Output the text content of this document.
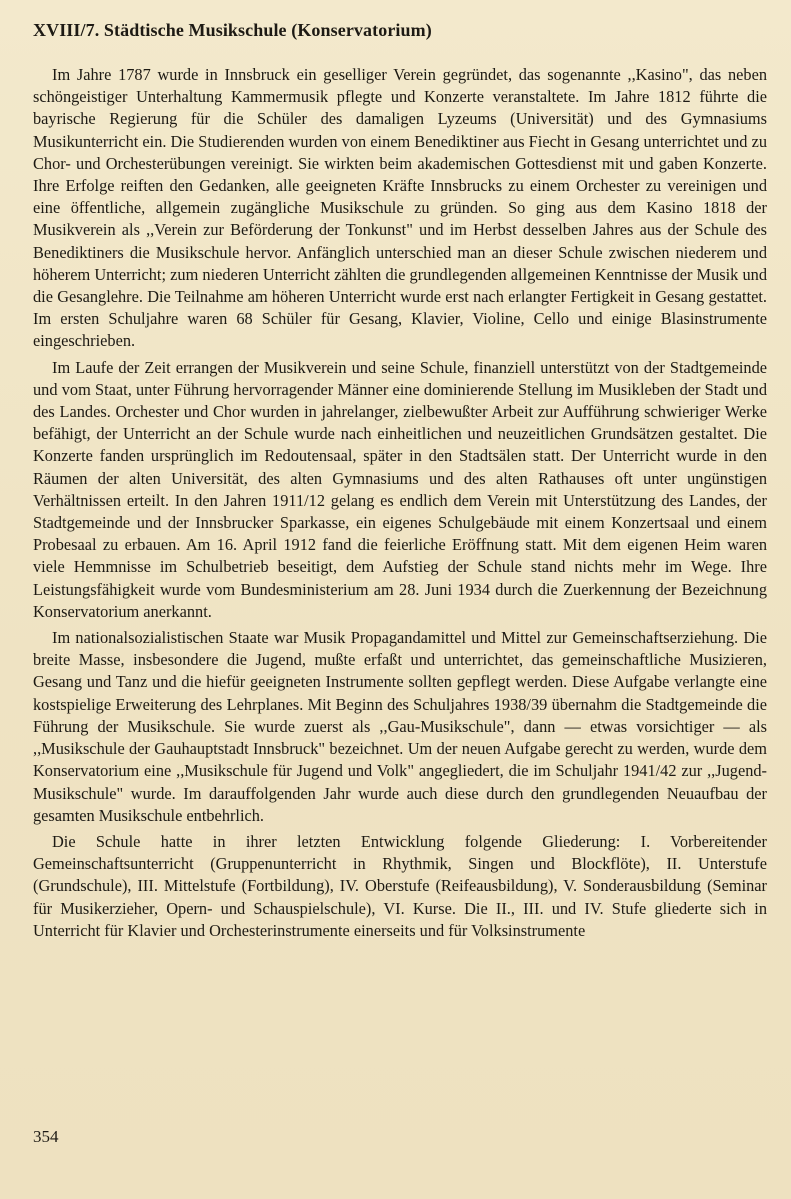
XVIII/7. Städtische Musikschule (Konservatorium)

Im Jahre 1787 wurde in Innsbruck ein geselliger Verein gegründet, das sogenannte ,,Kasino", das neben schöngeistiger Unterhaltung Kammermusik pflegte und Konzerte veranstaltete. Im Jahre 1812 führte die bayrische Regierung für die Schüler des damaligen Lyzeums (Universität) und des Gymnasiums Musikunterricht ein. Die Studierenden wurden von einem Benediktiner aus Fiecht in Gesang unterrichtet und zu Chor- und Orchesterübungen vereinigt. Sie wirkten beim akademischen Gottesdienst mit und gaben Konzerte. Ihre Erfolge reiften den Gedanken, alle geeigneten Kräfte Innsbrucks zu einem Orchester zu vereinigen und eine öffentliche, allgemein zugängliche Musikschule zu gründen. So ging aus dem Kasino 1818 der Musikverein als ,,Verein zur Beförderung der Tonkunst" und im Herbst desselben Jahres aus der Schule des Benediktiners die Musikschule hervor. Anfänglich unterschied man an dieser Schule zwischen niederem und höherem Unterricht; zum niederen Unterricht zählten die grundlegenden allgemeinen Kenntnisse der Musik und die Gesanglehre. Die Teilnahme am höheren Unterricht wurde erst nach erlangter Fertigkeit in Gesang gestattet. Im ersten Schuljahre waren 68 Schüler für Gesang, Klavier, Violine, Cello und einige Blasinstrumente eingeschrieben.

Im Laufe der Zeit errangen der Musikverein und seine Schule, finanziell unterstützt von der Stadtgemeinde und vom Staat, unter Führung hervorragender Männer eine dominierende Stellung im Musikleben der Stadt und des Landes. Orchester und Chor wurden in jahrelanger, zielbewußter Arbeit zur Aufführung schwieriger Werke befähigt, der Unterricht an der Schule wurde nach einheitlichen und neuzeitlichen Grundsätzen gestaltet. Die Konzerte fanden ursprünglich im Redoutensaal, später in den Stadtsälen statt. Der Unterricht wurde in den Räumen der alten Universität, des alten Gymnasiums und des alten Rathauses oft unter ungünstigen Verhältnissen erteilt. In den Jahren 1911/12 gelang es endlich dem Verein mit Unterstützung des Landes, der Stadtgemeinde und der Innsbrucker Sparkasse, ein eigenes Schulgebäude mit einem Konzertsaal und einem Probesaal zu erbauen. Am 16. April 1912 fand die feierliche Eröffnung statt. Mit dem eigenen Heim waren viele Hemmnisse im Schulbetrieb beseitigt, dem Aufstieg der Schule stand nichts mehr im Wege. Ihre Leistungsfähigkeit wurde vom Bundesministerium am 28. Juni 1934 durch die Zuerkennung der Bezeichnung Konservatorium anerkannt.

Im nationalsozialistischen Staate war Musik Propagandamittel und Mittel zur Gemeinschaftserziehung. Die breite Masse, insbesondere die Jugend, mußte erfaßt und unterrichtet, das gemeinschaftliche Musizieren, Gesang und Tanz und die hiefür geeigneten Instrumente sollten gepflegt werden. Diese Aufgabe verlangte eine kostspielige Erweiterung des Lehrplanes. Mit Beginn des Schuljahres 1938/39 übernahm die Stadtgemeinde die Führung der Musikschule. Sie wurde zuerst als ,,Gau-Musikschule", dann — etwas vorsichtiger — als ,,Musikschule der Gauhauptstadt Innsbruck" bezeichnet. Um der neuen Aufgabe gerecht zu werden, wurde dem Konservatorium eine ,,Musikschule für Jugend und Volk" angegliedert, die im Schuljahr 1941/42 zur ,,Jugend-Musikschule" wurde. Im darauffolgenden Jahr wurde auch diese durch den grundlegenden Neuaufbau der gesamten Musikschule entbehrlich.

Die Schule hatte in ihrer letzten Entwicklung folgende Gliederung: I. Vorbereitender Gemeinschaftsunterricht (Gruppenunterricht in Rhythmik, Singen und Blockflöte), II. Unterstufe (Grundschule), III. Mittelstufe (Fortbildung), IV. Oberstufe (Reifeausbildung), V. Sonderausbildung (Seminar für Musikerzieher, Opern- und Schauspielschule), VI. Kurse. Die II., III. und IV. Stufe gliederte sich in Unterricht für Klavier und Orchesterinstrumente einerseits und für Volksinstrumente

354
